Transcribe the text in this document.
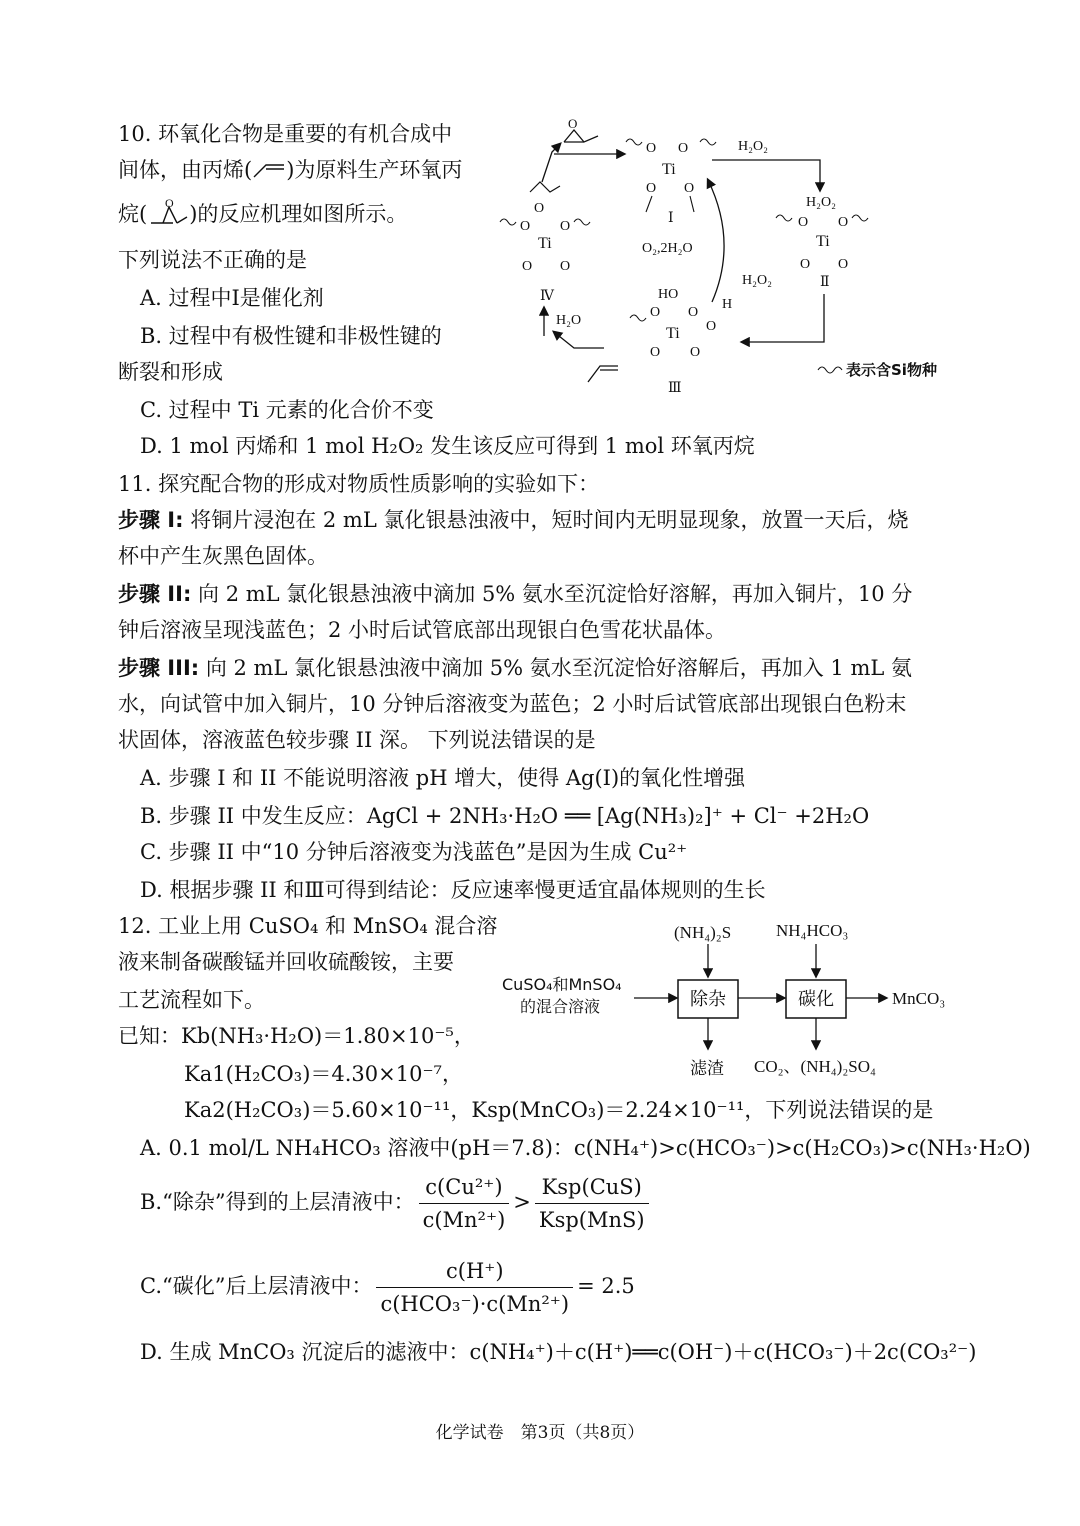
10. 环氧化合物是重要的有机合成中
间体，由丙烯( )为原料生产环氧丙
烷( O )的反应机理如图所示。
下列说法不正确的是
A. 过程中I是催化剂
B. 过程中有极性键和非极性键的
断裂和形成
C. 过程中 Ti 元素的化合价不变
D. 1 mol 丙烯和 1 mol H₂O₂ 发生该反应可得到 1 mol 环氧丙烷
O
Ti
O O
O O
Ⅰ
H₂O₂
H₂O₂
Ti
O O
O O
Ⅱ
O₂,2H₂O
H₂O₂
HO
H
Ti
O O
O
O O
Ⅲ
H₂O
O
Ti
O O
O O
Ⅳ
表示含Si物种
11. 探究配合物的形成对物质性质影响的实验如下：
步骤 I: 将铜片浸泡在 2 mL 氯化银悬浊液中，短时间内无明显现象，放置一天后，烧
杯中产生灰黑色固体。
步骤 II: 向 2 mL 氯化银悬浊液中滴加 5% 氨水至沉淀恰好溶解，再加入铜片，10 分
钟后溶液呈现浅蓝色；2 小时后试管底部出现银白色雪花状晶体。
步骤 III: 向 2 mL 氯化银悬浊液中滴加 5% 氨水至沉淀恰好溶解后，再加入 1 mL 氨
水，向试管中加入铜片，10 分钟后溶液变为蓝色；2 小时后试管底部出现银白色粉末
状固体，溶液蓝色较步骤 II 深。 下列说法错误的是
A. 步骤 I 和 II 不能说明溶液 pH 增大，使得 Ag(I)的氧化性增强
B. 步骤 II 中发生反应：AgCl + 2NH₃·H₂O ══ [Ag(NH₃)₂]⁺ + Cl⁻ +2H₂O
C. 步骤 II 中“10 分钟后溶液变为浅蓝色”是因为生成 Cu²⁺
D. 根据步骤 II 和Ⅲ可得到结论：反应速率慢更适宜晶体规则的生长
12. 工业上用 CuSO₄ 和 MnSO₄ 混合溶
液来制备碳酸锰并回收硫酸铵，主要
工艺流程如下。
已知：Kb(NH₃·H₂O)＝1.80×10⁻⁵，
Ka1(H₂CO₃)＝4.30×10⁻⁷，
Ka2(H₂CO₃)＝5.60×10⁻¹¹，Ksp(MnCO₃)＝2.24×10⁻¹¹，下列说法错误的是
(NH₄)₂S	NH₄HCO₃
CuSO₄和MnSO₄
的混合溶液	除杂	碳化	MnCO₃
滤渣 CO₂、(NH₄)₂SO₄
A. 0.1 mol/L NH₄HCO₃ 溶液中(pH＝7.8)：c(NH₄⁺)>c(HCO₃⁻)>c(H₂CO₃)>c(NH₃·H₂O)
B.“除杂”得到的上层清液中： $\frac{\text{c(Cu²⁺)}}{\text{c(Mn²⁺)}} > \frac{\text{Ksp(CuS)}}{\text{Ksp(MnS)}}$
C.“碳化”后上层清液中： $\frac{c(H^+)}{\text{c(HCO₃⁻)·c(Mn²⁺)}} = 2.5$
D. 生成 MnCO₃ 沉淀后的滤液中：c(NH₄⁺)＋c(H⁺)══c(OH⁻)＋c(HCO₃⁻)＋2c(CO₃²⁻)
化学试卷　第3页（共8页）
